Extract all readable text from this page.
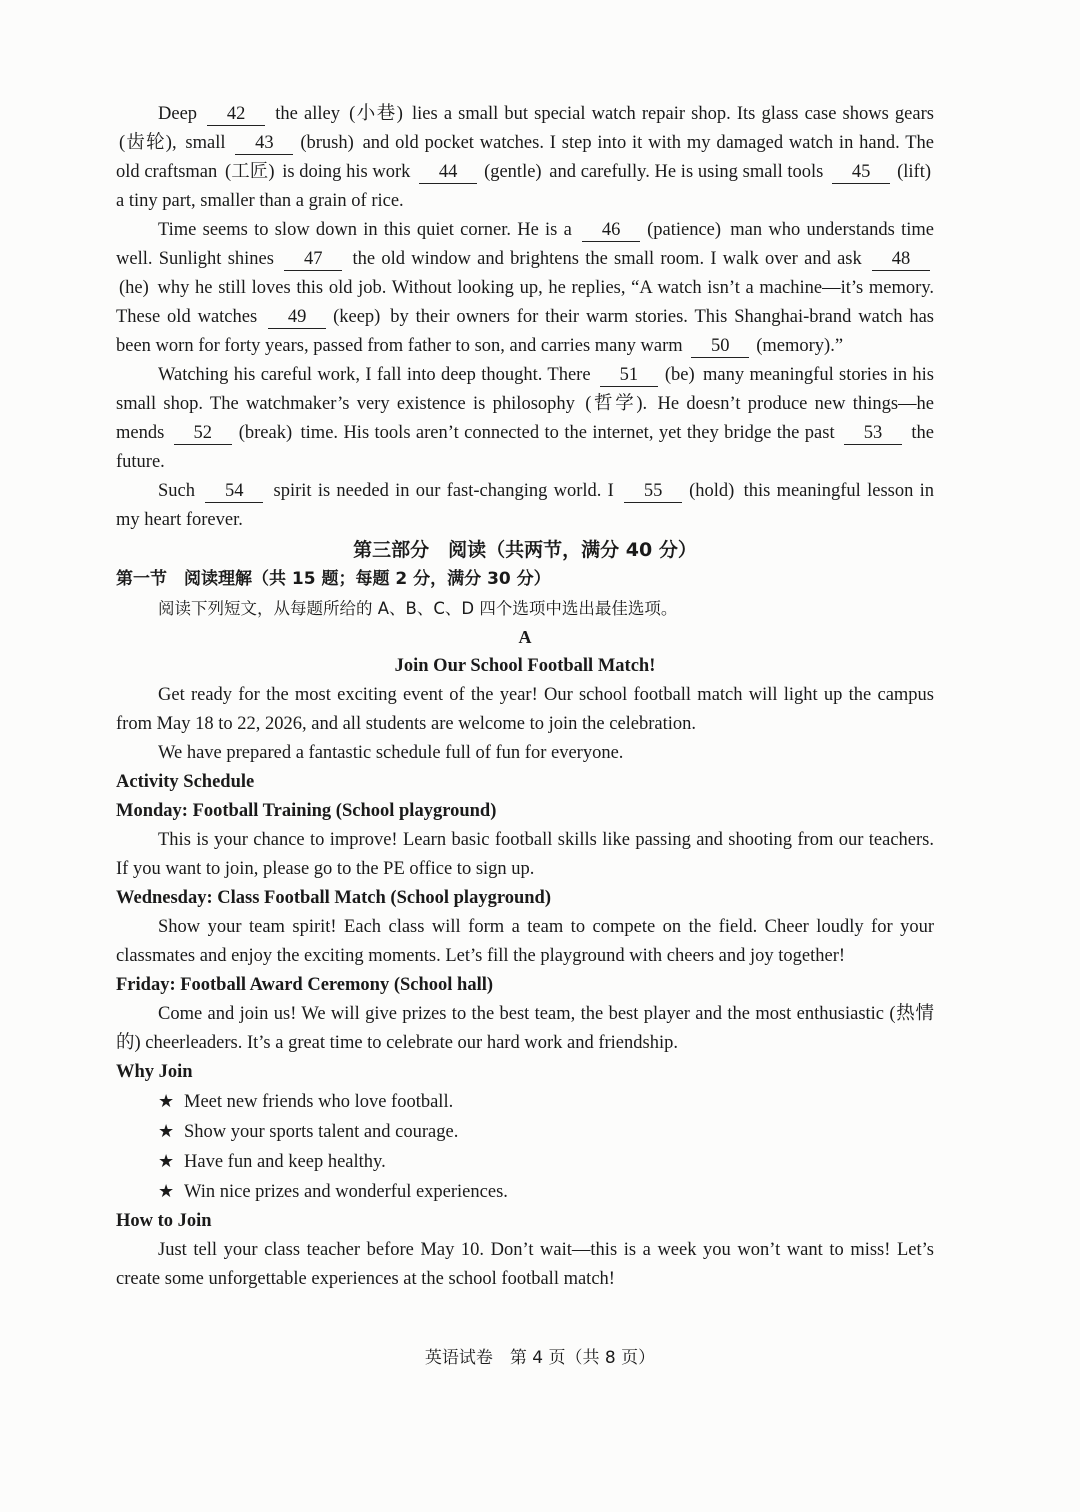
Deep 42 the alley (小巷) lies a small but special watch repair shop. Its glass case shows gears (齿轮), small 43 (brush) and old pocket watches. I step into it with my damaged watch in hand. The old craftsman (工匠) is doing his work 44 (gentle) and carefully. He is using small tools 45 (lift) a tiny part, smaller than a grain of rice.

Time seems to slow down in this quiet corner. He is a 46 (patience) man who understands time well. Sunlight shines 47 the old window and brightens the small room. I walk over and ask 48(he) why he still loves this old job. Without looking up, he replies, “A watch isn’t a machine—it’s memory. These old watches 49 (keep) by their owners for their warm stories. This Shanghai-brand watch has been worn for forty years, passed from father to son, and carries many warm 50 (memory).”

Watching his careful work, I fall into deep thought. There 51 (be) many meaningful stories in his small shop. The watchmaker’s very existence is philosophy (哲学). He doesn’t produce new things—he mends 52 (break) time. His tools aren’t connected to the internet, yet they bridge the past 53 the future.

Such 54 spirit is needed in our fast-changing world. I 55 (hold) this meaningful lesson in my heart forever.

第三部分　阅读（共两节，满分 40 分）

第一节　阅读理解（共 15 题；每题 2 分，满分 30 分）

阅读下列短文，从每题所给的 A、B、C、D 四个选项中选出最佳选项。

A

Join Our School Football Match!

Get ready for the most exciting event of the year! Our school football match will light up the campus from May 18 to 22, 2026, and all students are welcome to join the celebration.

We have prepared a fantastic schedule full of fun for everyone.

Activity Schedule

Monday: Football Training (School playground)

This is your chance to improve! Learn basic football skills like passing and shooting from our teachers. If you want to join, please go to the PE office to sign up.

Wednesday: Class Football Match (School playground)

Show your team spirit! Each class will form a team to compete on the field. Cheer loudly for your classmates and enjoy the exciting moments. Let’s fill the playground with cheers and joy together!

Friday: Football Award Ceremony (School hall)

Come and join us! We will give prizes to the best team, the best player and the most enthusiastic (热情的) cheerleaders. It’s a great time to celebrate our hard work and friendship.

Why Join

★ Meet new friends who love football.
★ Show your sports talent and courage.
★ Have fun and keep healthy.
★ Win nice prizes and wonderful experiences.

How to Join

Just tell your class teacher before May 10. Don’t wait—this is a week you won’t want to miss! Let’s create some unforgettable experiences at the school football match!

英语试卷　第 4 页（共 8 页）
